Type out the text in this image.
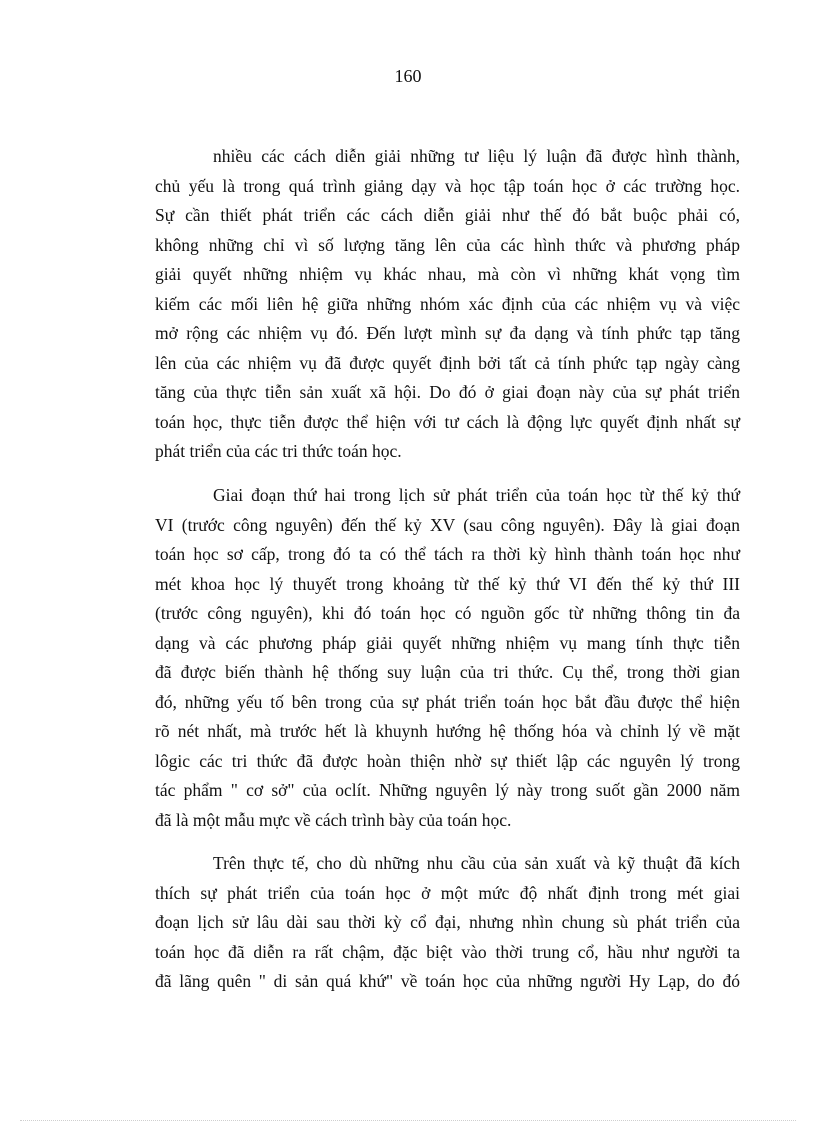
160
nhiều các cách diễn giải những tư liệu lý luận đã được hình thành,
chủ yếu là trong quá trình giảng dạy và học tập toán học ở các trường học.
Sự cần thiết phát triển các cách diễn giải như thế đó bắt buộc phải có,
không những chỉ vì số lượng tăng lên của các hình thức và phương pháp
giải quyết những nhiệm vụ khác nhau, mà còn vì những khát vọng tìm
kiếm các mối liên hệ giữa những nhóm xác định của các nhiệm vụ và việc
mở rộng các nhiệm vụ đó. Đến lượt mình sự đa dạng và tính phức tạp tăng
lên của các nhiệm vụ đã được quyết định bởi tất cả tính phức tạp ngày càng
tăng của thực tiễn sản xuất xã hội. Do đó ở giai đoạn này của sự phát triển
toán học, thực tiễn được thể hiện với tư cách là động lực quyết định nhất sự
phát triển của các tri thức toán học.
Giai đoạn thứ hai trong lịch sử phát triển của toán học từ thế kỷ thứ
VI (trước công nguyên) đến thế kỷ XV (sau công nguyên). Đây là giai đoạn
toán học sơ cấp, trong đó ta có thể tách ra thời kỳ hình thành toán học như
mét khoa học lý thuyết trong khoảng từ thế kỷ thứ VI đến thế kỷ thứ III
(trước công nguyên), khi đó toán học có nguồn gốc từ những thông tin đa
dạng và các phương pháp giải quyết những nhiệm vụ mang tính thực tiễn
đã được biến thành hệ thống suy luận của tri thức. Cụ thể, trong thời gian
đó, những yếu tố bên trong của sự phát triển toán học bắt đầu được thể hiện
rõ nét nhất, mà trước hết là khuynh hướng hệ thống hóa và chỉnh lý về mặt
lôgic các tri thức đã được hoàn thiện nhờ sự thiết lập các nguyên lý trong
tác phẩm " cơ sở" của oclít. Những nguyên lý này trong suốt gần 2000 năm
đã là một mẫu mực về cách trình bày của toán học.
Trên thực tế, cho dù những nhu cầu của sản xuất và kỹ thuật đã kích
thích sự phát triển của toán học ở một mức độ nhất định trong mét giai
đoạn lịch sử lâu dài sau thời kỳ cổ đại, nhưng nhìn chung sù phát triển của
toán học đã diễn ra rất chậm, đặc biệt vào thời trung cổ, hầu như người ta
đã lãng quên " di sản quá khứ" về toán học của những người Hy Lạp, do đó
